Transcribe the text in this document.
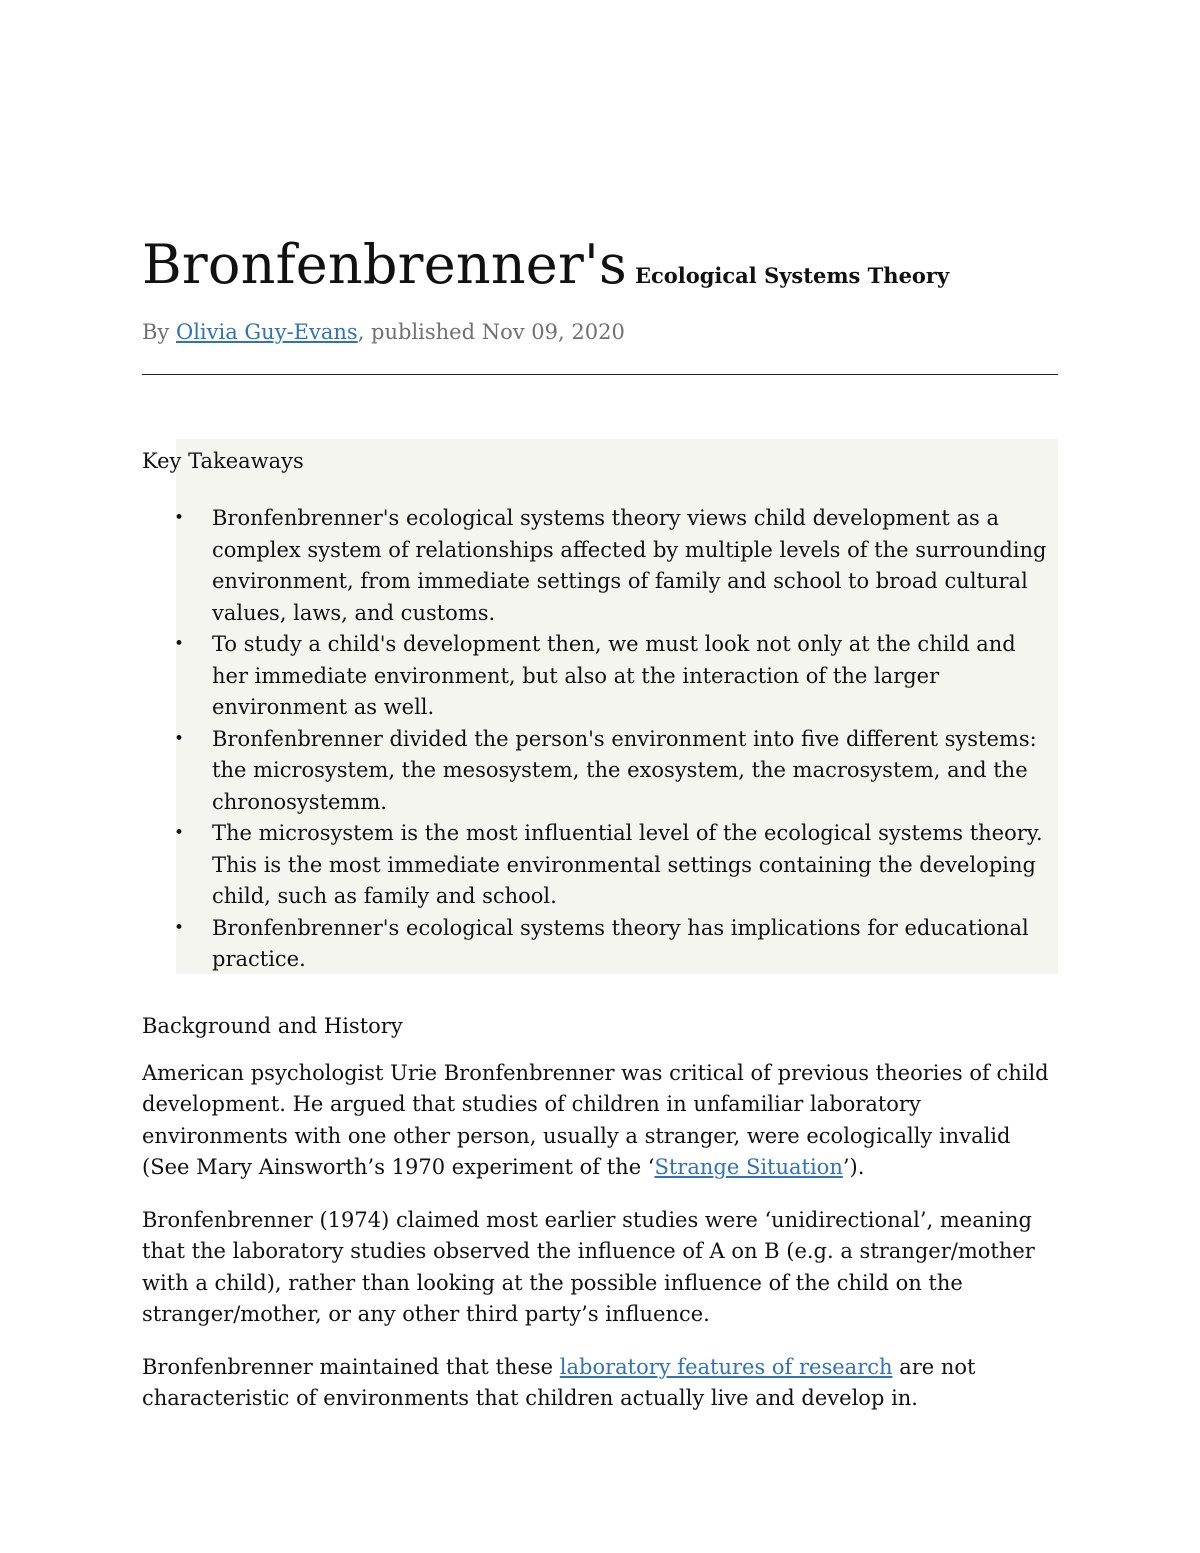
Bronfenbrenner's Ecological Systems Theory
By Olivia Guy-Evans, published Nov 09, 2020
Key Takeaways
• Bronfenbrenner's ecological systems theory views child development as a complex system of relationships affected by multiple levels of the surrounding environment, from immediate settings of family and school to broad cultural values, laws, and customs.
• To study a child's development then, we must look not only at the child and her immediate environment, but also at the interaction of the larger environment as well.
• Bronfenbrenner divided the person's environment into five different systems: the microsystem, the mesosystem, the exosystem, the macrosystem, and the chronosystemm.
• The microsystem is the most influential level of the ecological systems theory. This is the most immediate environmental settings containing the developing child, such as family and school.
• Bronfenbrenner's ecological systems theory has implications for educational practice.
Background and History

American psychologist Urie Bronfenbrenner was critical of previous theories of child development. He argued that studies of children in unfamiliar laboratory environments with one other person, usually a stranger, were ecologically invalid (See Mary Ainsworth’s 1970 experiment of the ‘Strange Situation’).

Bronfenbrenner (1974) claimed most earlier studies were ‘unidirectional’, meaning that the laboratory studies observed the influence of A on B (e.g. a stranger/mother with a child), rather than looking at the possible influence of the child on the stranger/mother, or any other third party’s influence.

Bronfenbrenner maintained that these laboratory features of research are not characteristic of environments that children actually live and develop in.
